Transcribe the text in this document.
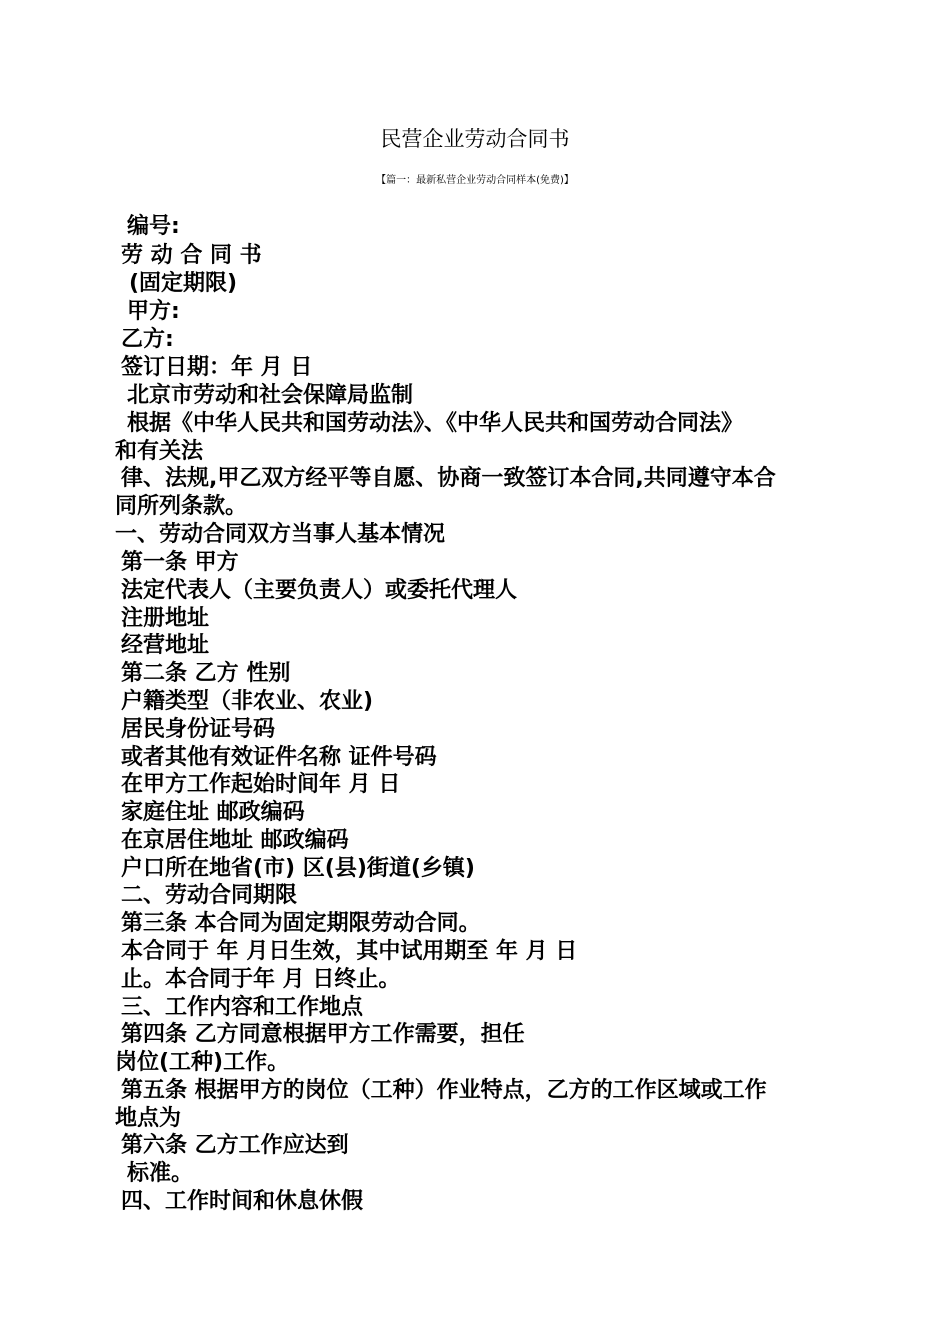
民营企业劳动合同书
【篇一：最新私营企业劳动合同样本(免费)】
编号:
劳 动 合 同 书
(固定期限)
甲方:
乙方:
签订日期：年 月 日
北京市劳动和社会保障局监制
根据《中华人民共和国劳动法》、《中华人民共和国劳动合同法》
和有关法
律、法规,甲乙双方经平等自愿、协商一致签订本合同,共同遵守本合
同所列条款。
一、劳动合同双方当事人基本情况
第一条 甲方
法定代表人（主要负责人）或委托代理人
注册地址
经营地址
第二条 乙方 性别
户籍类型（非农业、农业)
居民身份证号码
或者其他有效证件名称 证件号码
在甲方工作起始时间年 月 日
家庭住址 邮政编码
在京居住地址 邮政编码
户口所在地省(市) 区(县)街道(乡镇)
二、劳动合同期限
第三条 本合同为固定期限劳动合同。
本合同于 年 月日生效，其中试用期至 年 月 日
止。本合同于年 月 日终止。
三、工作内容和工作地点
第四条 乙方同意根据甲方工作需要，担任
岗位(工种)工作。
第五条 根据甲方的岗位（工种）作业特点，乙方的工作区域或工作
地点为
第六条 乙方工作应达到
标准。
四、工作时间和休息休假
